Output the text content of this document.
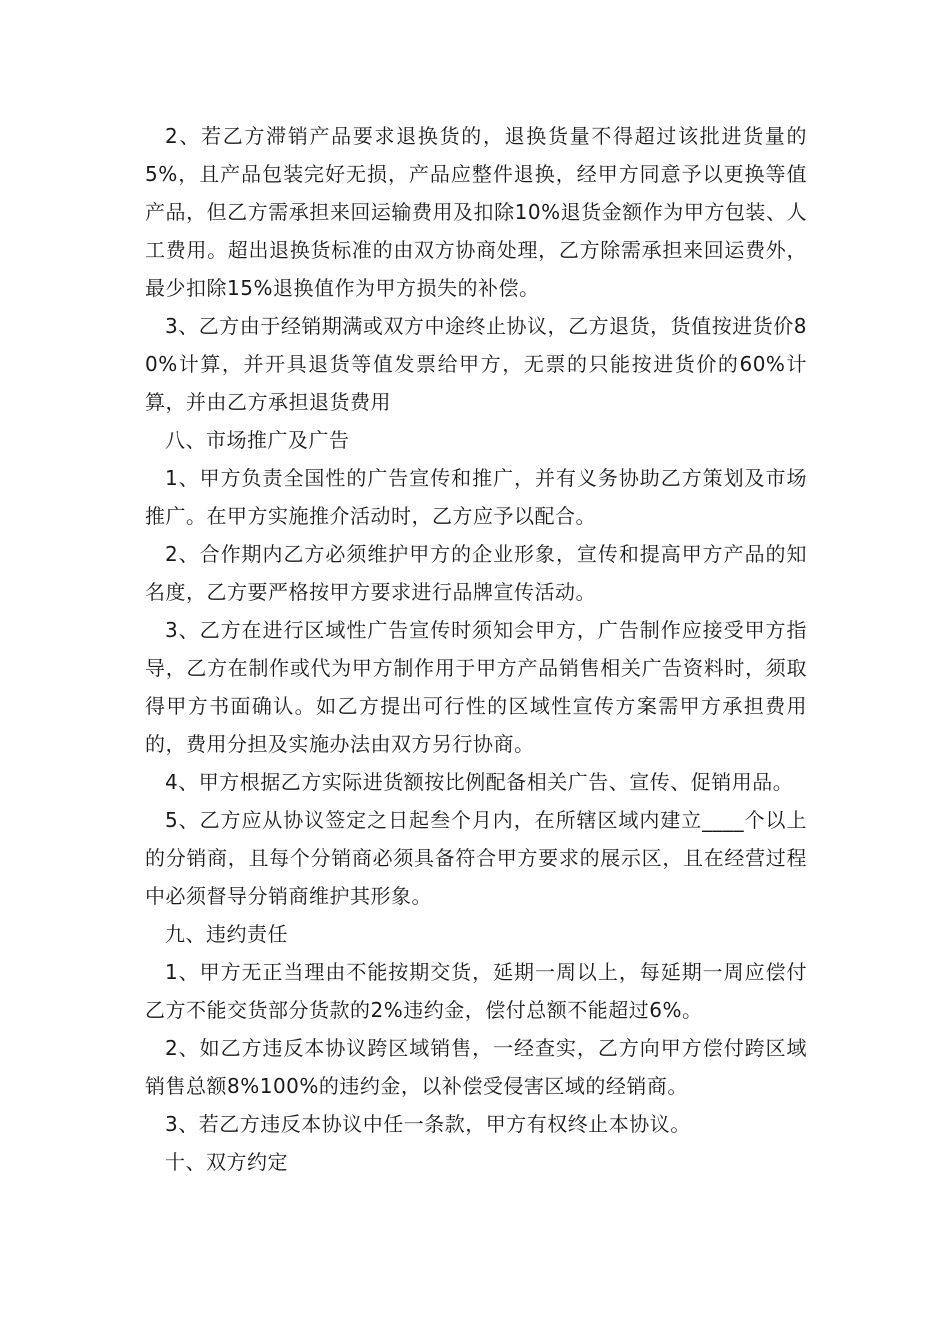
2、若乙方滞销产品要求退换货的，退换货量不得超过该批进货量的5%，且产品包装完好无损，产品应整件退换，经甲方同意予以更换等值产品，但乙方需承担来回运输费用及扣除10%退货金额作为甲方包装、人工费用。超出退换货标准的由双方协商处理，乙方除需承担来回运费外，最少扣除15%退换值作为甲方损失的补偿。

3、乙方由于经销期满或双方中途终止协议，乙方退货，货值按进货价80%计算，并开具退货等值发票给甲方，无票的只能按进货价的60%计算，并由乙方承担退货费用

八、市场推广及广告

1、甲方负责全国性的广告宣传和推广，并有义务协助乙方策划及市场推广。在甲方实施推介活动时，乙方应予以配合。

2、合作期内乙方必须维护甲方的企业形象，宣传和提高甲方产品的知名度，乙方要严格按甲方要求进行品牌宣传活动。

3、乙方在进行区域性广告宣传时须知会甲方，广告制作应接受甲方指导，乙方在制作或代为甲方制作用于甲方产品销售相关广告资料时，须取得甲方书面确认。如乙方提出可行性的区域性宣传方案需甲方承担费用的，费用分担及实施办法由双方另行协商。

4、甲方根据乙方实际进货额按比例配备相关广告、宣传、促销用品。

5、乙方应从协议签定之日起叁个月内，在所辖区域内建立____个以上的分销商，且每个分销商必须具备符合甲方要求的展示区，且在经营过程中必须督导分销商维护其形象。

九、违约责任

1、甲方无正当理由不能按期交货，延期一周以上，每延期一周应偿付乙方不能交货部分货款的2%违约金，偿付总额不能超过6%。

2、如乙方违反本协议跨区域销售，一经查实，乙方向甲方偿付跨区域销售总额8%100%的违约金，以补偿受侵害区域的经销商。

3、若乙方违反本协议中任一条款，甲方有权终止本协议。

十、双方约定
